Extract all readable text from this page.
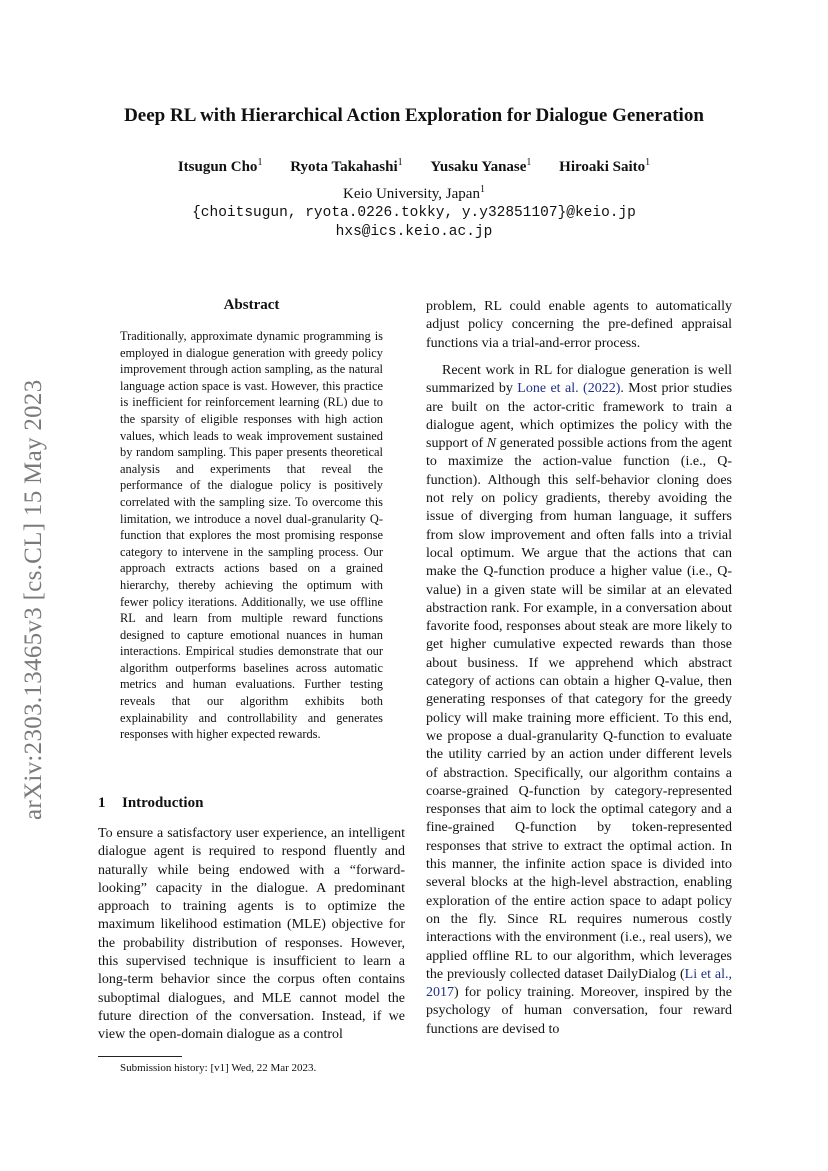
arXiv:2303.13465v3 [cs.CL] 15 May 2023
Deep RL with Hierarchical Action Exploration for Dialogue Generation
Itsugun Cho$^1$ Ryota Takahashi$^1$ Yusaku Yanase$^1$ Hiroaki Saito$^1$
Keio University, Japan$^1$
{choitsugun, ryota.0226.tokky, y.y32851107}@keio.jp
hxs@ics.keio.ac.jp
Abstract
Traditionally, approximate dynamic programming is employed in dialogue generation with greedy policy improvement through action sampling, as the natural language action space is vast. However, this practice is inefficient for reinforcement learning (RL) due to the sparsity of eligible responses with high action values, which leads to weak improvement sustained by random sampling. This paper presents theoretical analysis and experiments that reveal the performance of the dialogue policy is positively correlated with the sampling size. To overcome this limitation, we introduce a novel dual-granularity Q-function that explores the most promising response category to intervene in the sampling process. Our approach extracts actions based on a grained hierarchy, thereby achieving the optimum with fewer policy iterations. Additionally, we use offline RL and learn from multiple reward functions designed to capture emotional nuances in human interactions. Empirical studies demonstrate that our algorithm outperforms baselines across automatic metrics and human evaluations. Further testing reveals that our algorithm exhibits both explainability and controllability and generates responses with higher expected rewards.
1 Introduction
To ensure a satisfactory user experience, an intelligent dialogue agent is required to respond fluently and naturally while being endowed with a “forward-looking” capacity in the dialogue. A predominant approach to training agents is to optimize the maximum likelihood estimation (MLE) objective for the probability distribution of responses. However, this supervised technique is insufficient to learn a long-term behavior since the corpus often contains suboptimal dialogues, and MLE cannot model the future direction of the conversation. Instead, if we view the open-domain dialogue as a control
Submission history: [v1] Wed, 22 Mar 2023.
problem, RL could enable agents to automatically adjust policy concerning the pre-defined appraisal functions via a trial-and-error process.
Recent work in RL for dialogue generation is well summarized by Lone et al. (2022). Most prior studies are built on the actor-critic framework to train a dialogue agent, which optimizes the policy with the support of N generated possible actions from the agent to maximize the action-value function (i.e., Q-function). Although this self-behavior cloning does not rely on policy gradients, thereby avoiding the issue of diverging from human language, it suffers from slow improvement and often falls into a trivial local optimum. We argue that the actions that can make the Q-function produce a higher value (i.e., Q-value) in a given state will be similar at an elevated abstraction rank. For example, in a conversation about favorite food, responses about steak are more likely to get higher cumulative expected rewards than those about business. If we apprehend which abstract category of actions can obtain a higher Q-value, then generating responses of that category for the greedy policy will make training more efficient. To this end, we propose a dual-granularity Q-function to evaluate the utility carried by an action under different levels of abstraction. Specifically, our algorithm contains a coarse-grained Q-function by category-represented responses that aim to lock the optimal category and a fine-grained Q-function by token-represented responses that strive to extract the optimal action. In this manner, the infinite action space is divided into several blocks at the high-level abstraction, enabling exploration of the entire action space to adapt policy on the fly. Since RL requires numerous costly interactions with the environment (i.e., real users), we applied offline RL to our algorithm, which leverages the previously collected dataset DailyDialog (Li et al., 2017) for policy training. Moreover, inspired by the psychology of human conversation, four reward functions are devised to
